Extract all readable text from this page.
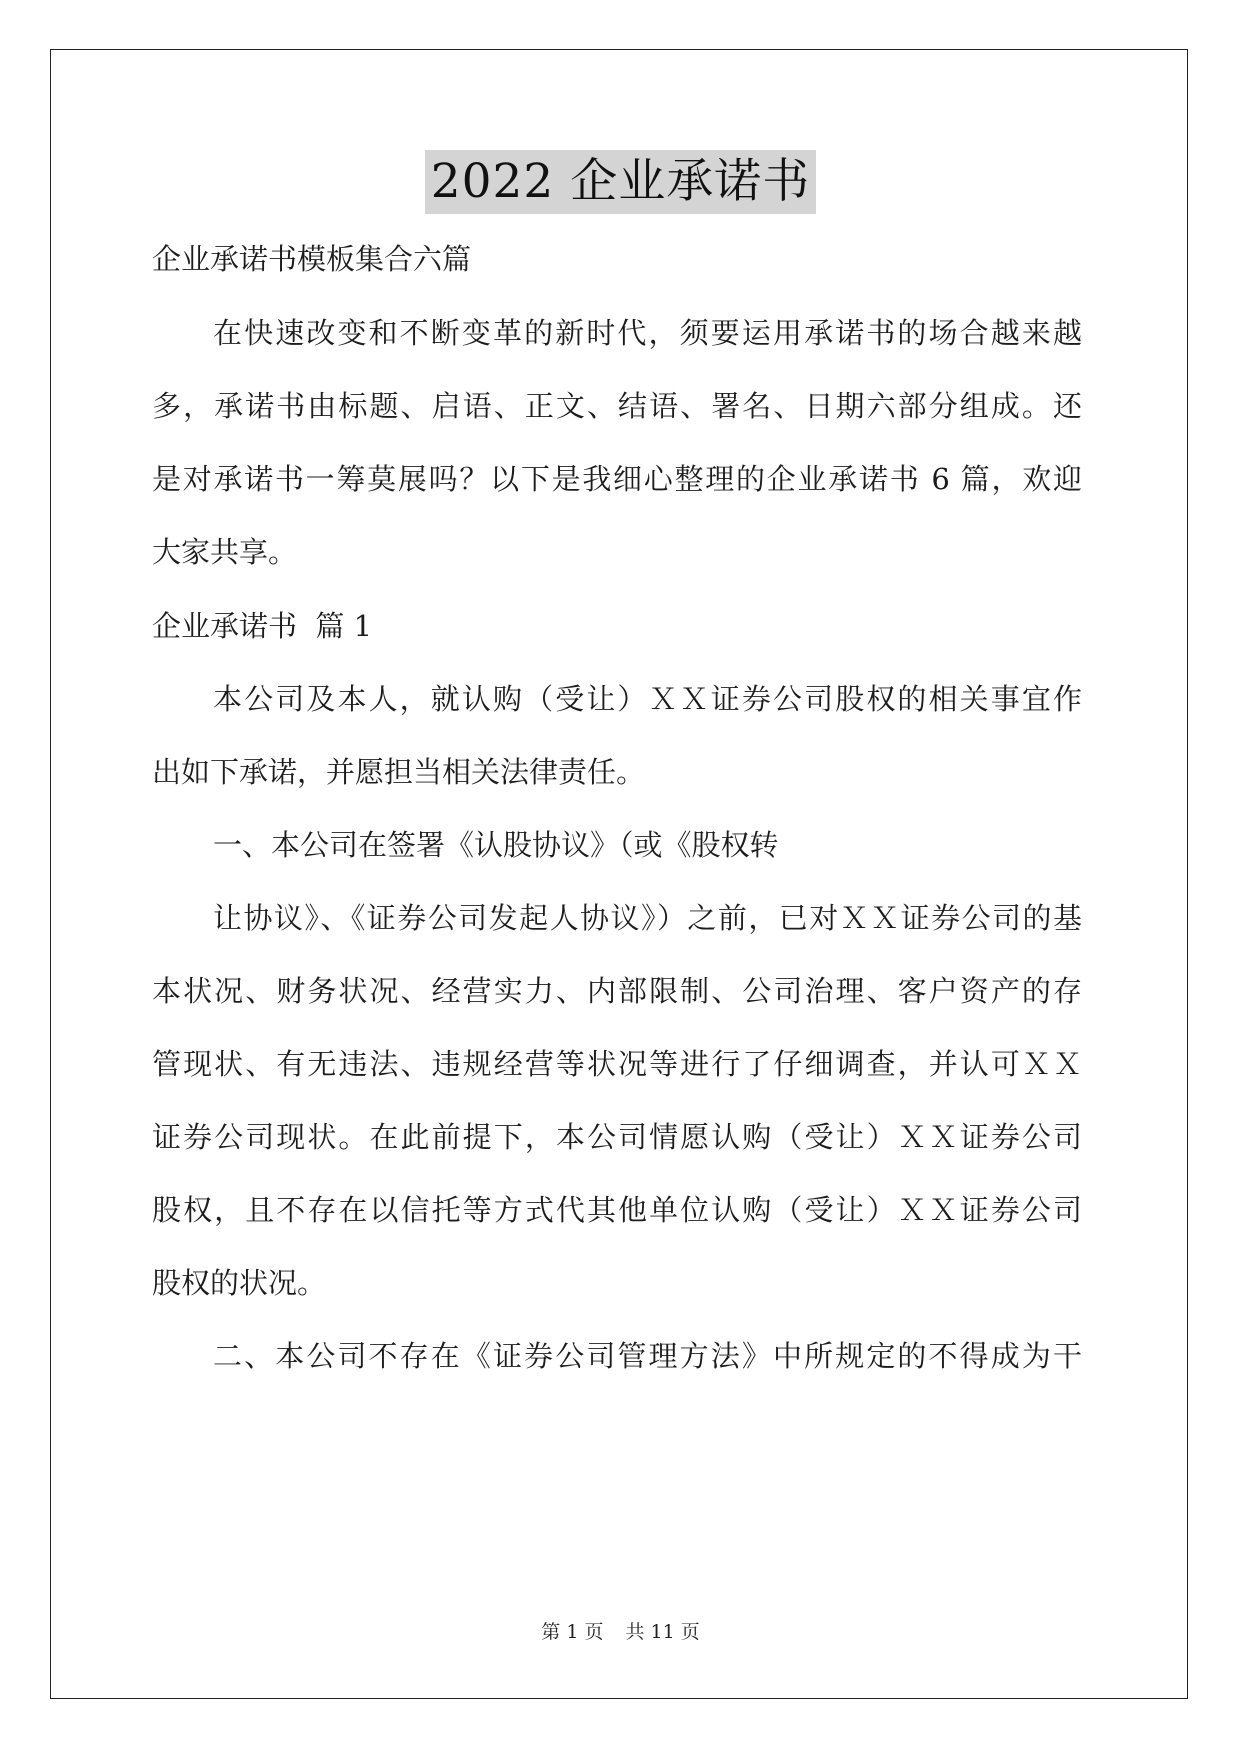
2022 企业承诺书
企业承诺书模板集合六篇
在快速改变和不断变革的新时代，须要运用承诺书的场合越来越
多，承诺书由标题、启语、正文、结语、署名、日期六部分组成。还
是对承诺书一筹莫展吗？以下是我细心整理的企业承诺书 6 篇，欢迎
大家共享。
企业承诺书  篇 1
本公司及本人，就认购（受让）ＸＸ证券公司股权的相关事宜作
出如下承诺，并愿担当相关法律责任。
一、本公司在签署《认股协议》（或《股权转
让协议》、《证券公司发起人协议》）之前，已对ＸＸ证券公司的基
本状况、财务状况、经营实力、内部限制、公司治理、客户资产的存
管现状、有无违法、违规经营等状况等进行了仔细调查，并认可ＸＸ
证券公司现状。在此前提下，本公司情愿认购（受让）ＸＸ证券公司
股权，且不存在以信托等方式代其他单位认购（受让）ＸＸ证券公司
股权的状况。
二、本公司不存在《证券公司管理方法》中所规定的不得成为干
第 1 页 共 11 页
